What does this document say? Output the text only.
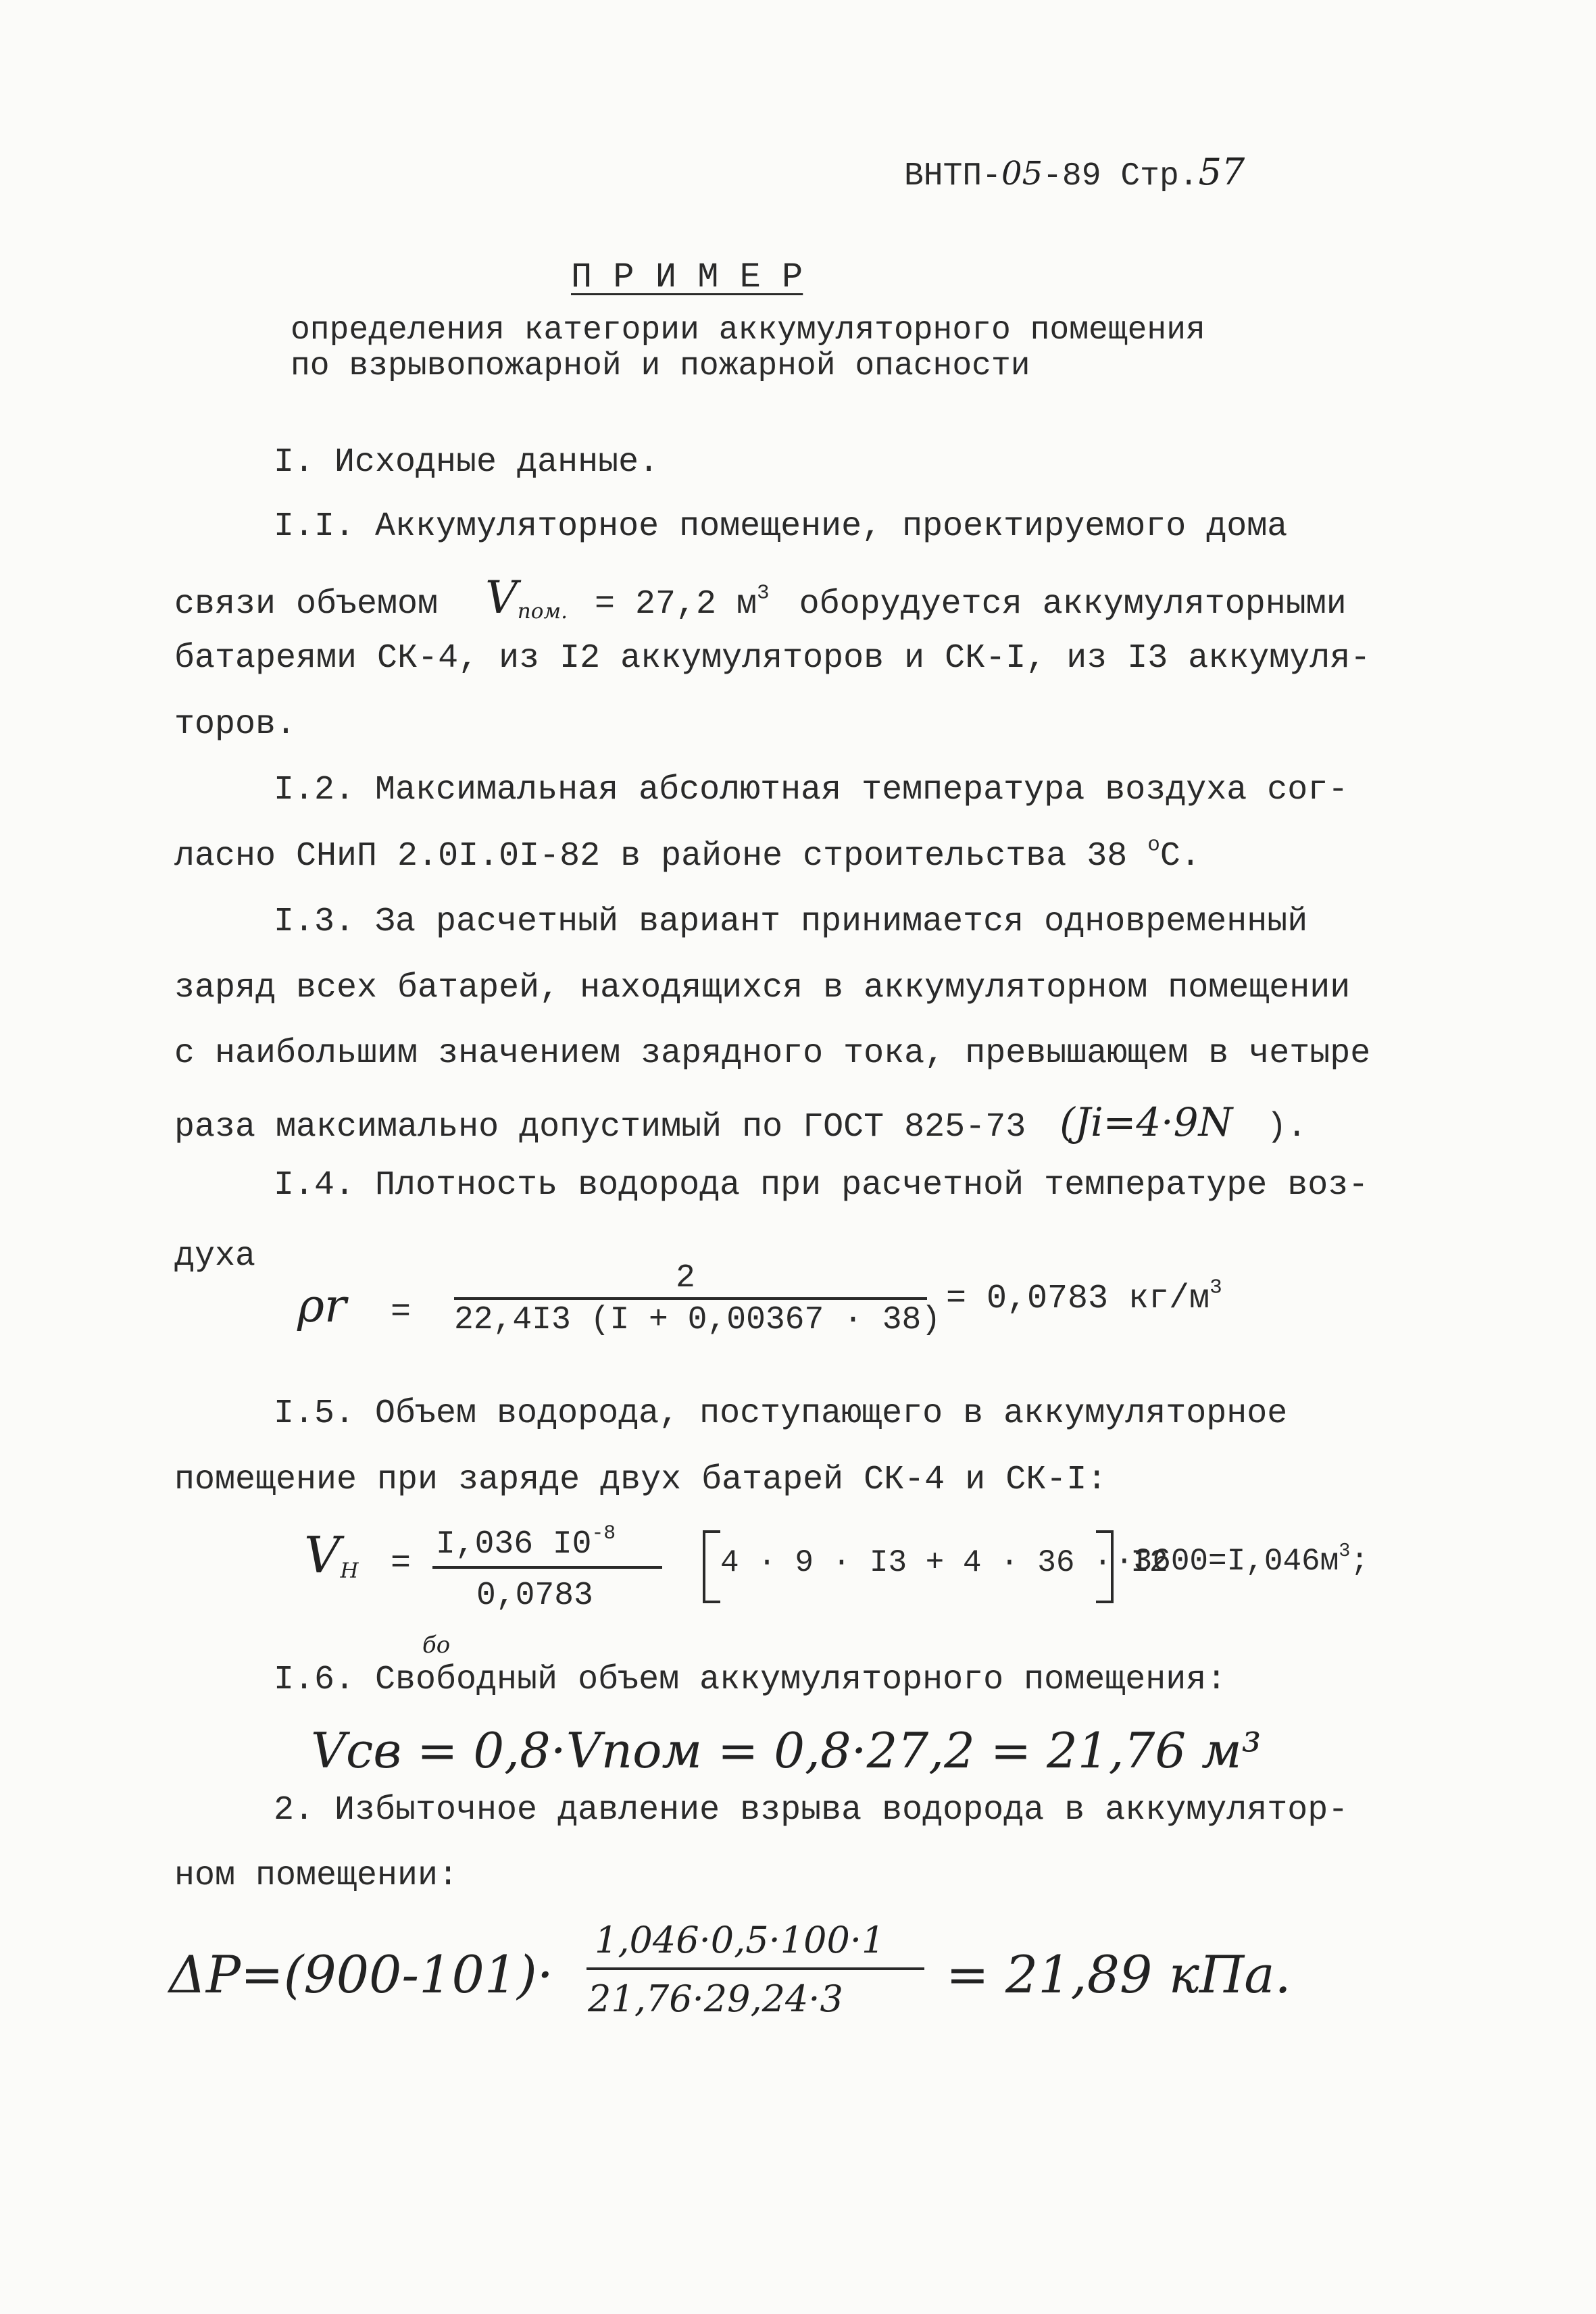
ВНТП-05-89 Стр.57
П Р И М Е Р
определения категории аккумуляторного помещения
по взрывопожарной и пожарной опасности
I. Исходные данные.
I.I. Аккумуляторное помещение, проектируемого дома
связи объемом $V_{пом.} = 27,2$ $м^3$ оборудуется аккумуляторными
батареями СК-4, из I2 аккумуляторов и СК-I, из I3 аккумуля-
торов.
I.2. Максимальная абсолютная температура воздуха сог-
ласно СНиП 2.0I.0I-82 в районе строительства 38 $^о$С.
I.3. За расчетный вариант принимается одновременный
заряд всех батарей, находящихся в аккумуляторном помещении
с наибольшим значением зарядного тока, превышающем в четыре
раза максимально допустимый по ГОСТ 825-73 (Ji=4·9N ).
I.4. Плотность водорода при расчетной температуре воз-
духа
ρr =
2
22,4I3 (I + 0,00367 · 38)
= 0,0783 $кг/м^3$
I.5. Объем водорода, поступающего в аккумуляторное
помещение при заряде двух батарей СК-4 и СК-I:
$V_H = I,036$ $I0^{-8}$
0,0783
4 · 9 · I3 + 4 · 36 · I2
$\cdot 3600=I,046м^3$;
бо
I.6. Свободный объем аккумуляторного помещения:
Vсв = 0,8·Vпом = 0,8·27,2 = 21,76 м³
2. Избыточное давление взрыва водорода в аккумулятор-
ном помещении:
ΔP=(900-101)·
1,046·0,5·100·1
21,76·29,24·3 = 21,89 кПа.
